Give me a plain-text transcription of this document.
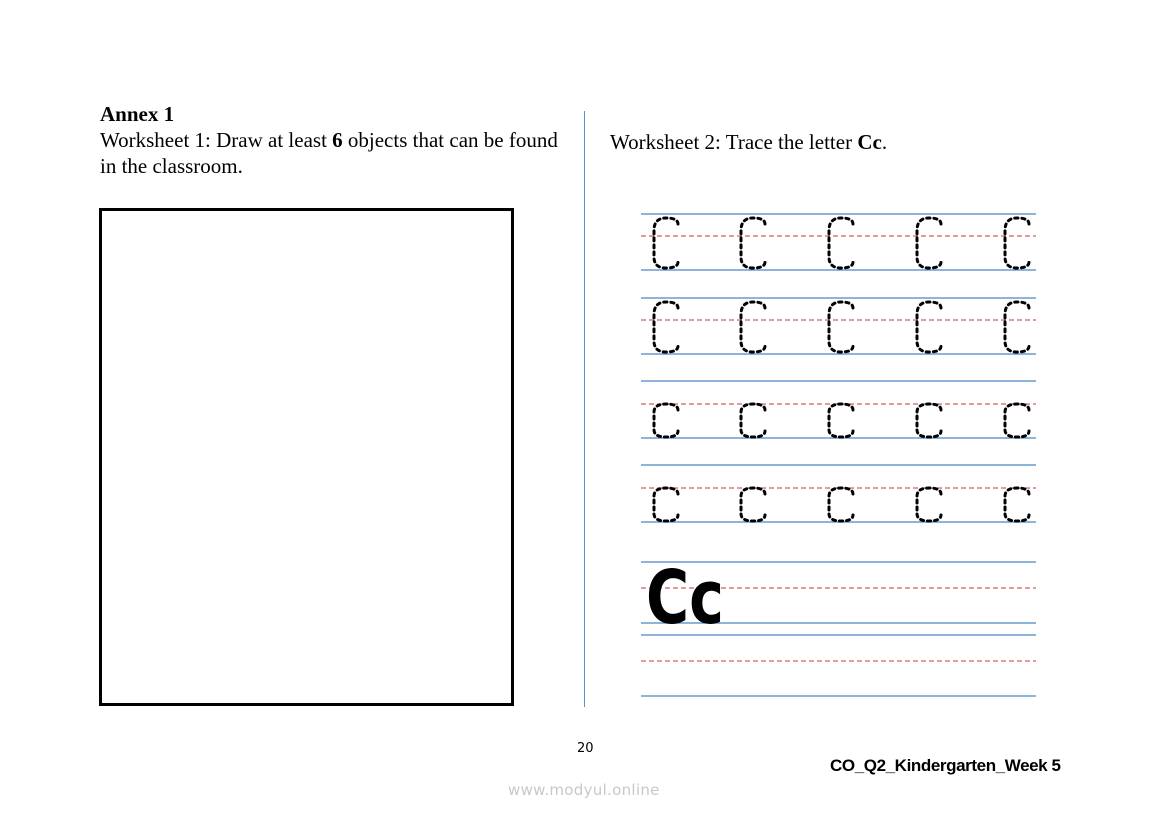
Annex 1
Worksheet 1: Draw at least 6 objects that can be found in the classroom.
Worksheet 2: Trace the letter Cc.
Cc
20
CO_Q2_Kindergarten_Week 5
www.modyul.online
